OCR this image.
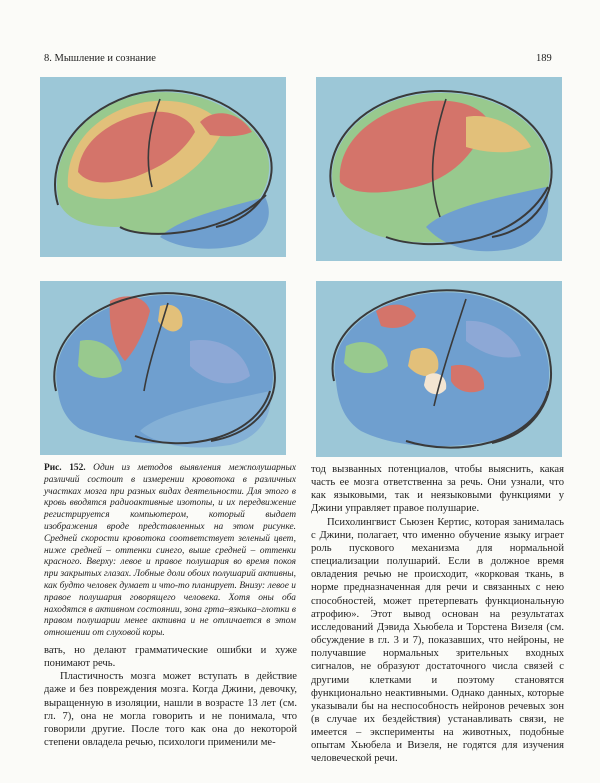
8. Мышление и сознание	189
Рис. 152. Один из методов выявления межполушарных различий состоит в измерении кровотока в различных участках мозга при разных видах деятельности. Для этого в кровь вводятся радиоактивные изотопы, и их передвижение регистрируется компьютером, который выдает изображения вроде представленных на этом рисунке. Средней скорости кровотока соответствует зеленый цвет, ниже средней – оттенки синего, выше средней – оттенки красного. Вверху: левое и правое полушария во время покоя при закрытых глазах. Лобные доли обоих полушарий активны, как будто человек думает и что-то планирует. Внизу: левое и правое полушария говорящего человека. Хотя оны оба находятся в активном состоянии, зона грта–язкыка–глотки в правом полушарии менее активна и не отличается в этом отношении от слуховой коры.

вать, но делают грамматические ошибки и хуже понимают речь.

Пластичность мозга может вступать в действие даже и без повреждения мозга. Когда Джини, девочку, выращенную в изоляции, нашли в возрасте 13 лет (см. гл. 7), она не могла говорить и не понимала, что говорили другие. После того как она до некоторой степени овладела речью, психологи применили ме-

тод вызванных потенциалов, чтобы выяснить, какая часть ее мозга ответственна за речь. Они узнали, что как языковыми, так и неязыковыми функциями у Джини управляет правое полушарие.

Психолингвист Сьюзен Кертис, которая занималась с Джини, полагает, что именно обучение языку играет роль пускового механизма для нормальной специализации полушарий. Если в должное время овладения речью не происходит, «корковая ткань, в норме предназначенная для речи и связанных с нею способностей, может претерпевать функциональную атрофию». Этот вывод основан на результатах исследований Дэвида Хьюбела и Торстена Визеля (см. обсуждение в гл. 3 и 7), показавших, что нейроны, не получавшие нормальных зрительных входных сигналов, не образуют достаточного числа связей с другими клетками и поэтому становятся функционально неактивными. Однако данных, которые указывали бы на неспособность нейронов речевых зон (в случае их бездействия) устанавливать связи, не имеется – эксперименты на животных, подобные опытам Хьюбела и Визеля, не годятся для изучения человеческой речи.
